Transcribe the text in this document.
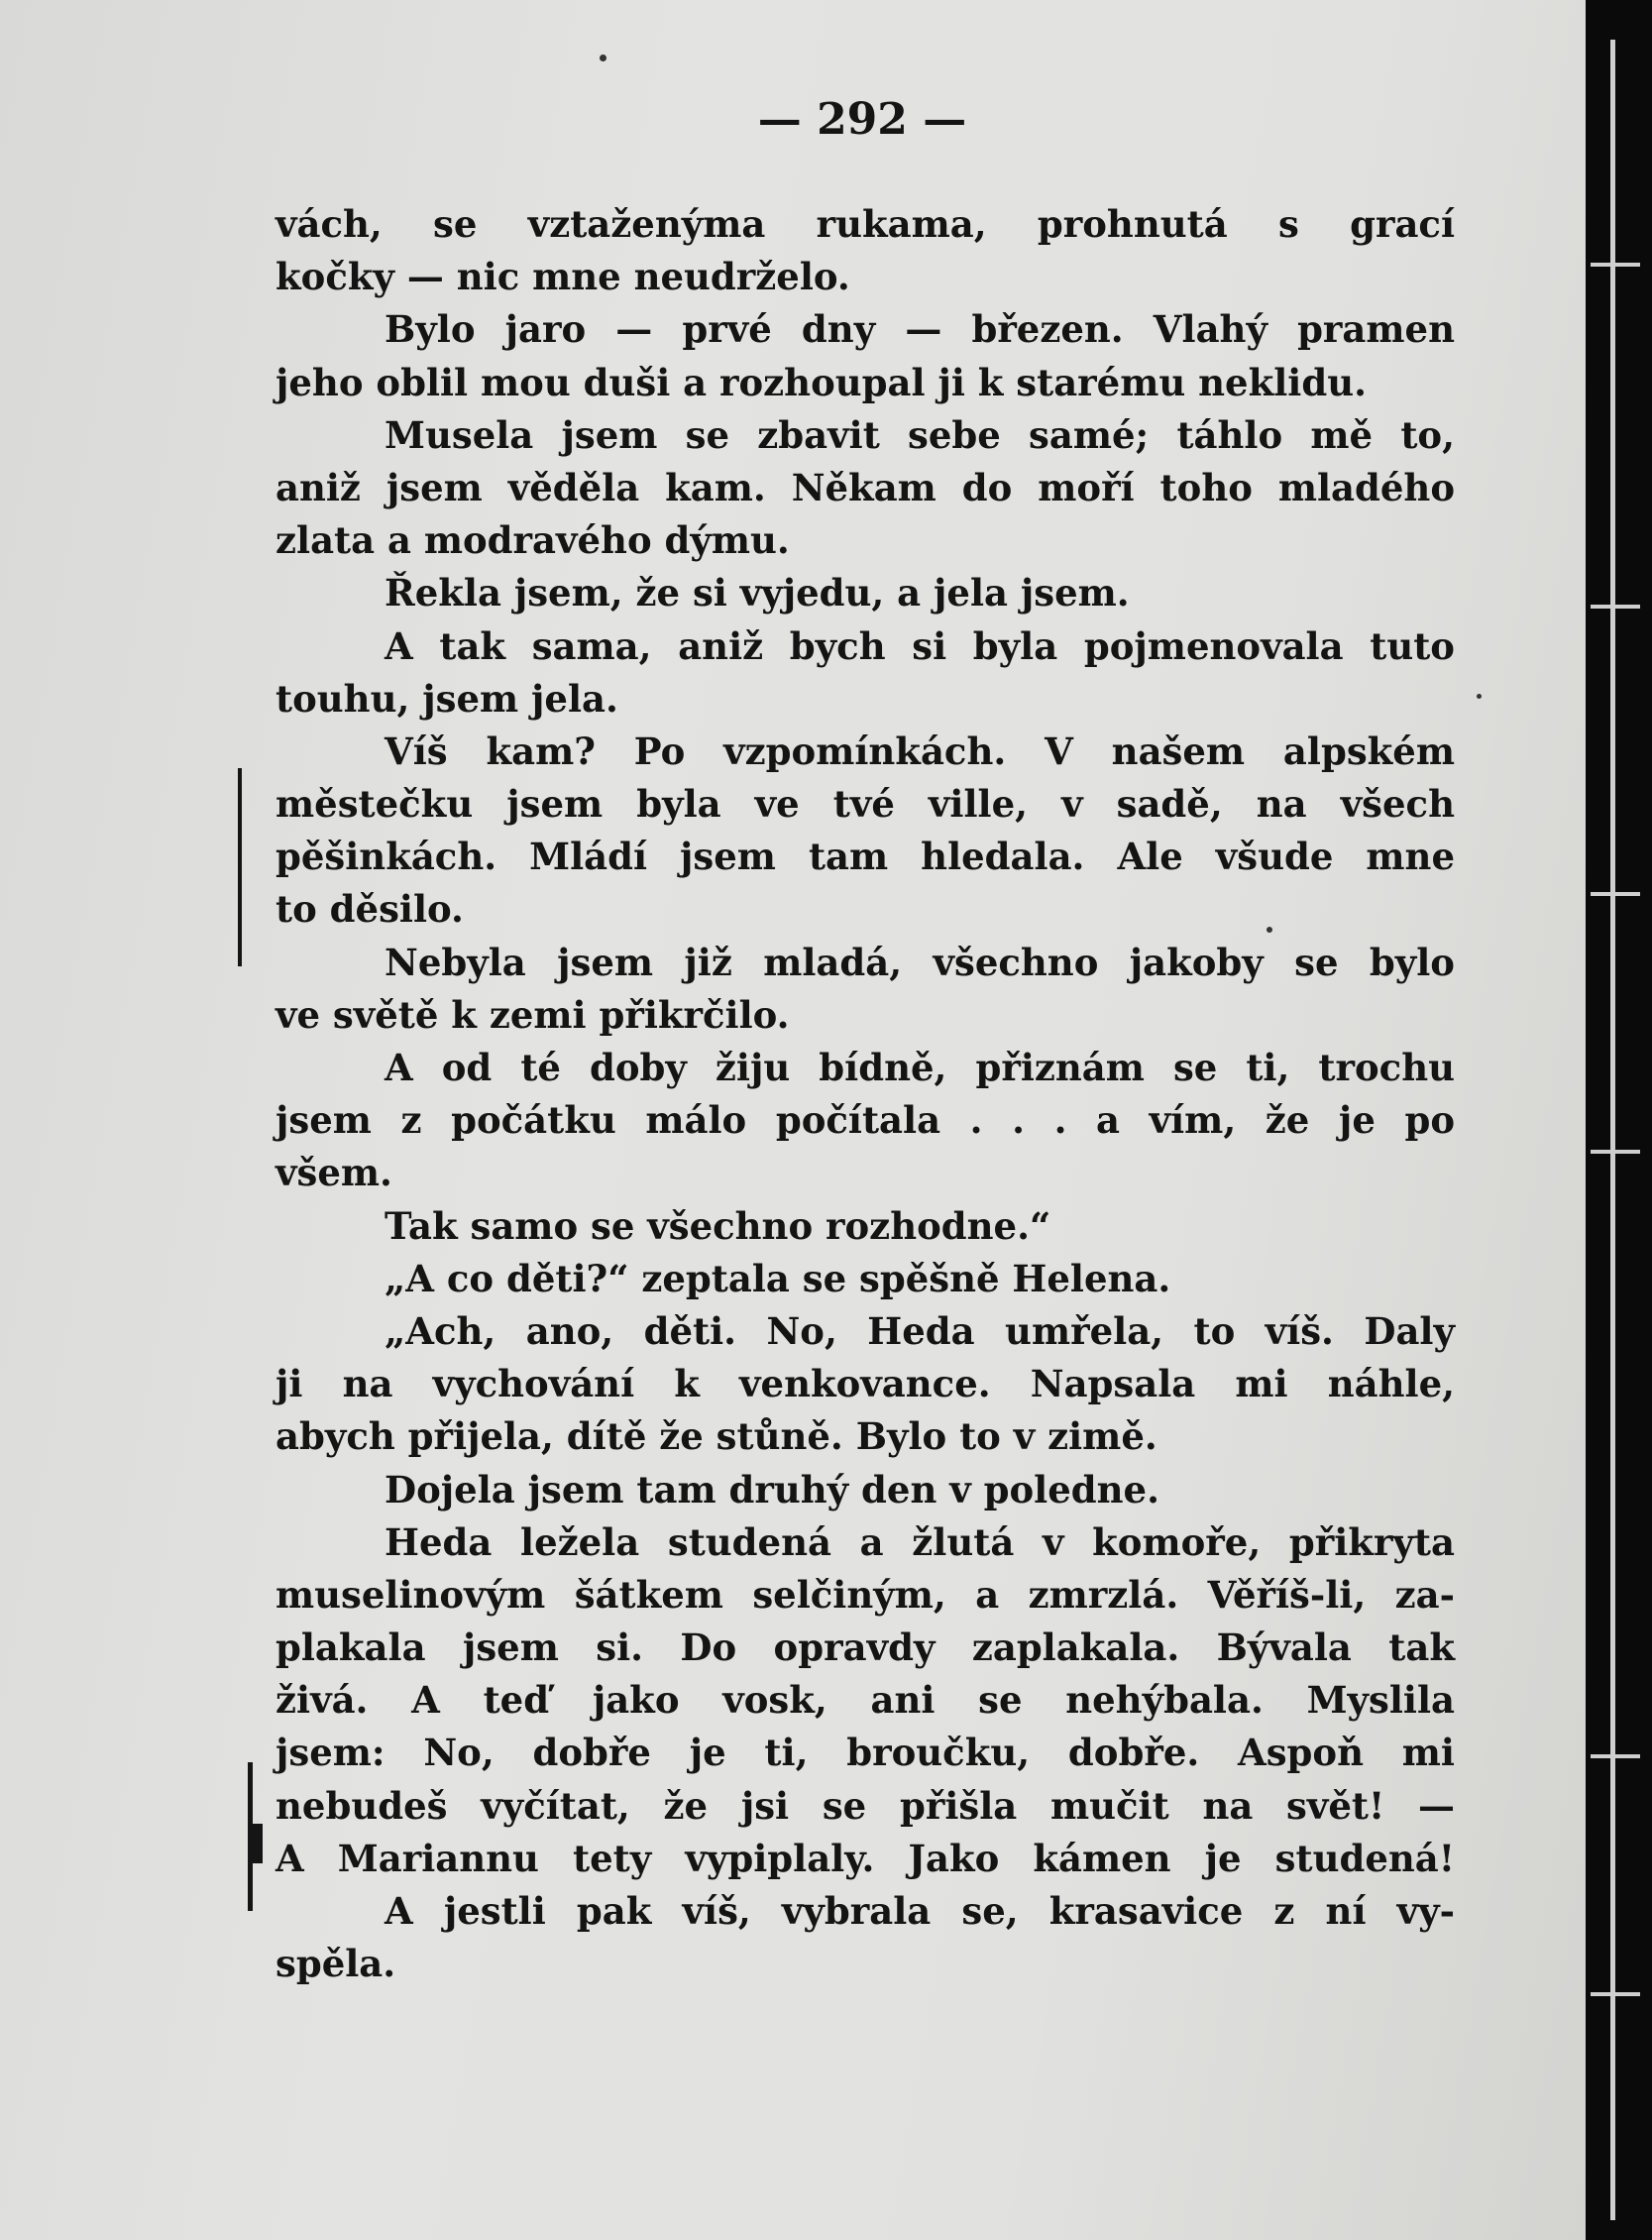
— 292 —
vách, se vztaženýma rukama, prohnutá s grací
kočky — nic mne neudrželo.
Bylo jaro — prvé dny — březen. Vlahý pramen
jeho oblil mou duši a rozhoupal ji k starému neklidu.
Musela jsem se zbavit sebe samé; táhlo mě to,
aniž jsem věděla kam. Někam do moří toho mladého
zlata a modravého dýmu.
Řekla jsem, že si vyjedu, a jela jsem.
A tak sama, aniž bych si byla pojmenovala tuto
touhu, jsem jela.
Víš kam? Po vzpomínkách. V našem alpském
městečku jsem byla ve tvé ville, v sadě, na všech
pěšinkách. Mládí jsem tam hledala. Ale všude mne
to děsilo.
Nebyla jsem již mladá, všechno jakoby se bylo
ve světě k zemi přikrčilo.
A od té doby žiju bídně, přiznám se ti, trochu
jsem z počátku málo počítala . . . a vím, že je po
všem.
Tak samo se všechno rozhodne.“
„A co děti?“ zeptala se spěšně Helena.
„Ach, ano, děti. No, Heda umřela, to víš. Daly
ji na vychování k venkovance. Napsala mi náhle,
abych přijela, dítě že stůně. Bylo to v zimě.
Dojela jsem tam druhý den v poledne.
Heda ležela studená a žlutá v komoře, přikryta
muselinovým šátkem selčiným, a zmrzlá. Věříš-li, za-
plakala jsem si. Do opravdy zaplakala. Bývala tak
živá. A teď jako vosk, ani se nehýbala. Myslila
jsem: No, dobře je ti, broučku, dobře. Aspoň mi
nebudeš vyčítat, že jsi se přišla mučit na svět! —
A Mariannu tety vypiplaly. Jako kámen je studená!
A jestli pak víš, vybrala se, krasavice z ní vy-
spěla.
